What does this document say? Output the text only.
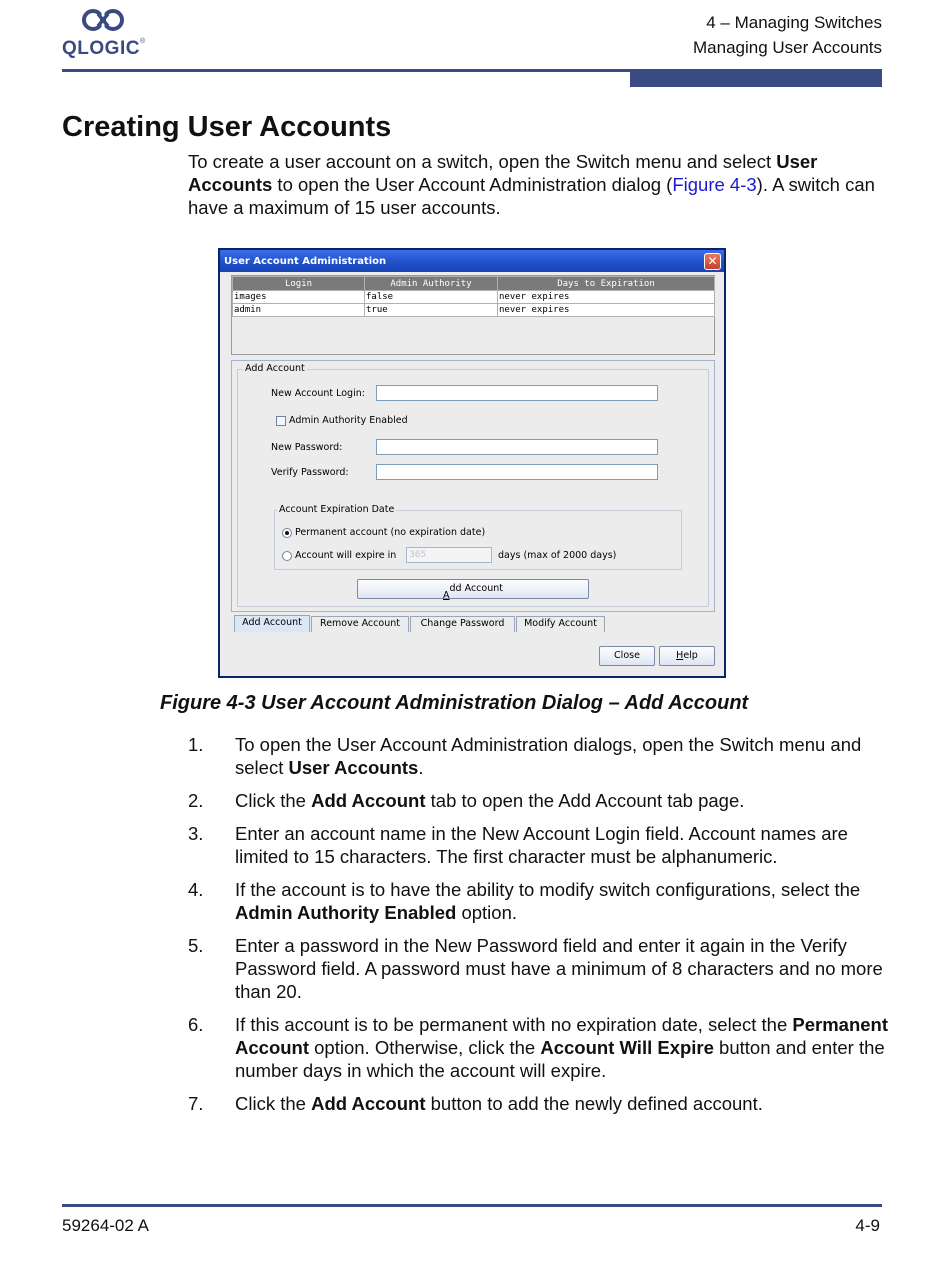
QLOGIC®
4 – Managing Switches
Managing User Accounts
Creating User Accounts

To create a user account on a switch, open the Switch menu and select User Accounts to open the User Account Administration dialog (Figure 4-3). A switch can have a maximum of 15 user accounts.

User Account Administration	✕
Login	Admin Authority	Days to Expiration
images	false	never expires
admin	true	never expires
Add Account
New Account Login:
Admin Authority Enabled
New Password:
Verify Password:
Account Expiration Date
Permanent account (no expiration date)
Account will expire in	365	days (max of 2000 days)
Add Account
Add Account	Remove Account	Change Password	Modify Account
Close	Help
Figure 4-3 User Account Administration Dialog – Add Account
1. To open the User Account Administration dialogs, open the Switch menu and select User Accounts.
2. Click the Add Account tab to open the Add Account tab page.
3. Enter an account name in the New Account Login field. Account names are limited to 15 characters. The first character must be alphanumeric.
4. If the account is to have the ability to modify switch configurations, select the Admin Authority Enabled option.
5. Enter a password in the New Password field and enter it again in the Verify Password field. A password must have a minimum of 8 characters and no more than 20.
6. If this account is to be permanent with no expiration date, select the Permanent Account option. Otherwise, click the Account Will Expire button and enter the number days in which the account will expire.
7. Click the Add Account button to add the newly defined account.
59264-02 A	4-9
